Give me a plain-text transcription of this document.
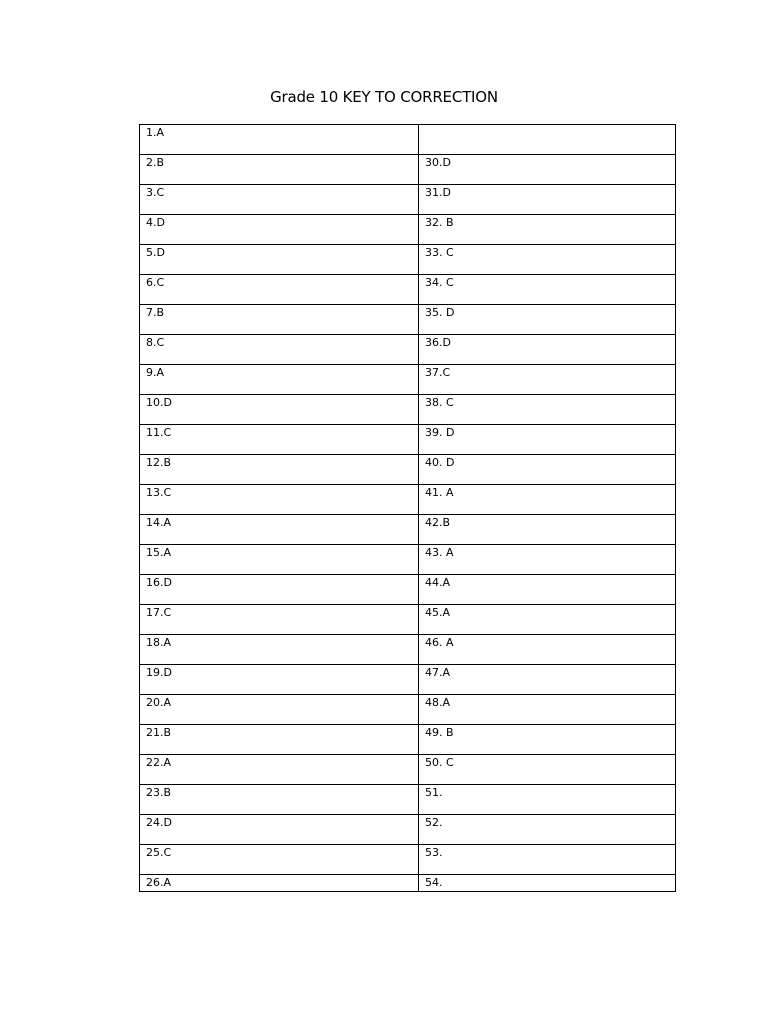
Grade 10 KEY TO CORRECTION
1.A	

2.B	30.D

3.C	31.D

4.D	32. B

5.D	33. C

6.C	34. C

7.B	35. D

8.C	36.D

9.A	37.C

10.D	38. C

11.C	39. D

12.B	40. D

13.C	41. A

14.A	42.B

15.A	43. A

16.D	44.A

17.C	45.A

18.A	46. A

19.D	47.A

20.A	48.A

21.B	49. B

22.A	50. C

23.B	51.

24.D	52.

25.C	53.

26.A	54.
